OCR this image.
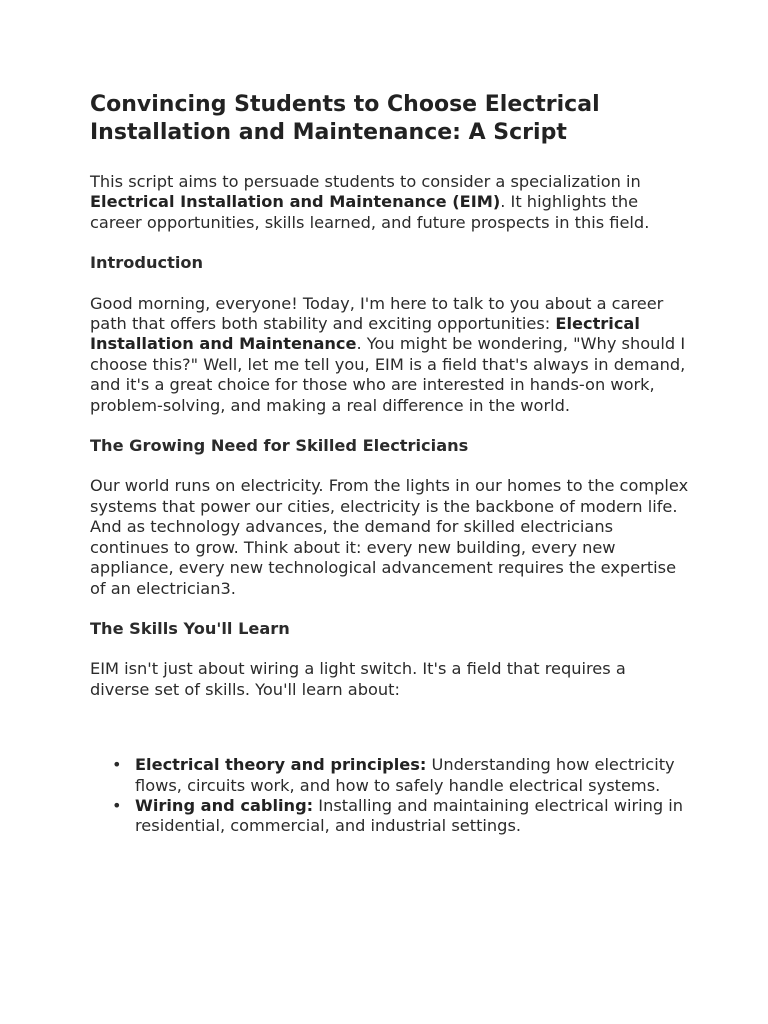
Convincing Students to Choose Electrical Installation and Maintenance: A Script

This script aims to persuade students to consider a specialization in Electrical Installation and Maintenance (EIM). It highlights the career opportunities, skills learned, and future prospects in this field.

Introduction

Good morning, everyone! Today, I'm here to talk to you about a career path that offers both stability and exciting opportunities: Electrical Installation and Maintenance. You might be wondering, "Why should I choose this?" Well, let me tell you, EIM is a field that's always in demand, and it's a great choice for those who are interested in hands-on work, problem-solving, and making a real difference in the world.

The Growing Need for Skilled Electricians

Our world runs on electricity. From the lights in our homes to the complex systems that power our cities, electricity is the backbone of modern life. And as technology advances, the demand for skilled electricians continues to grow. Think about it: every new building, every new appliance, every new technological advancement requires the expertise of an electrician3.

The Skills You'll Learn

EIM isn't just about wiring a light switch. It's a field that requires a diverse set of skills. You'll learn about:

• Electrical theory and principles: Understanding how electricity flows, circuits work, and how to safely handle electrical systems.
• Wiring and cabling: Installing and maintaining electrical wiring in residential, commercial, and industrial settings.
